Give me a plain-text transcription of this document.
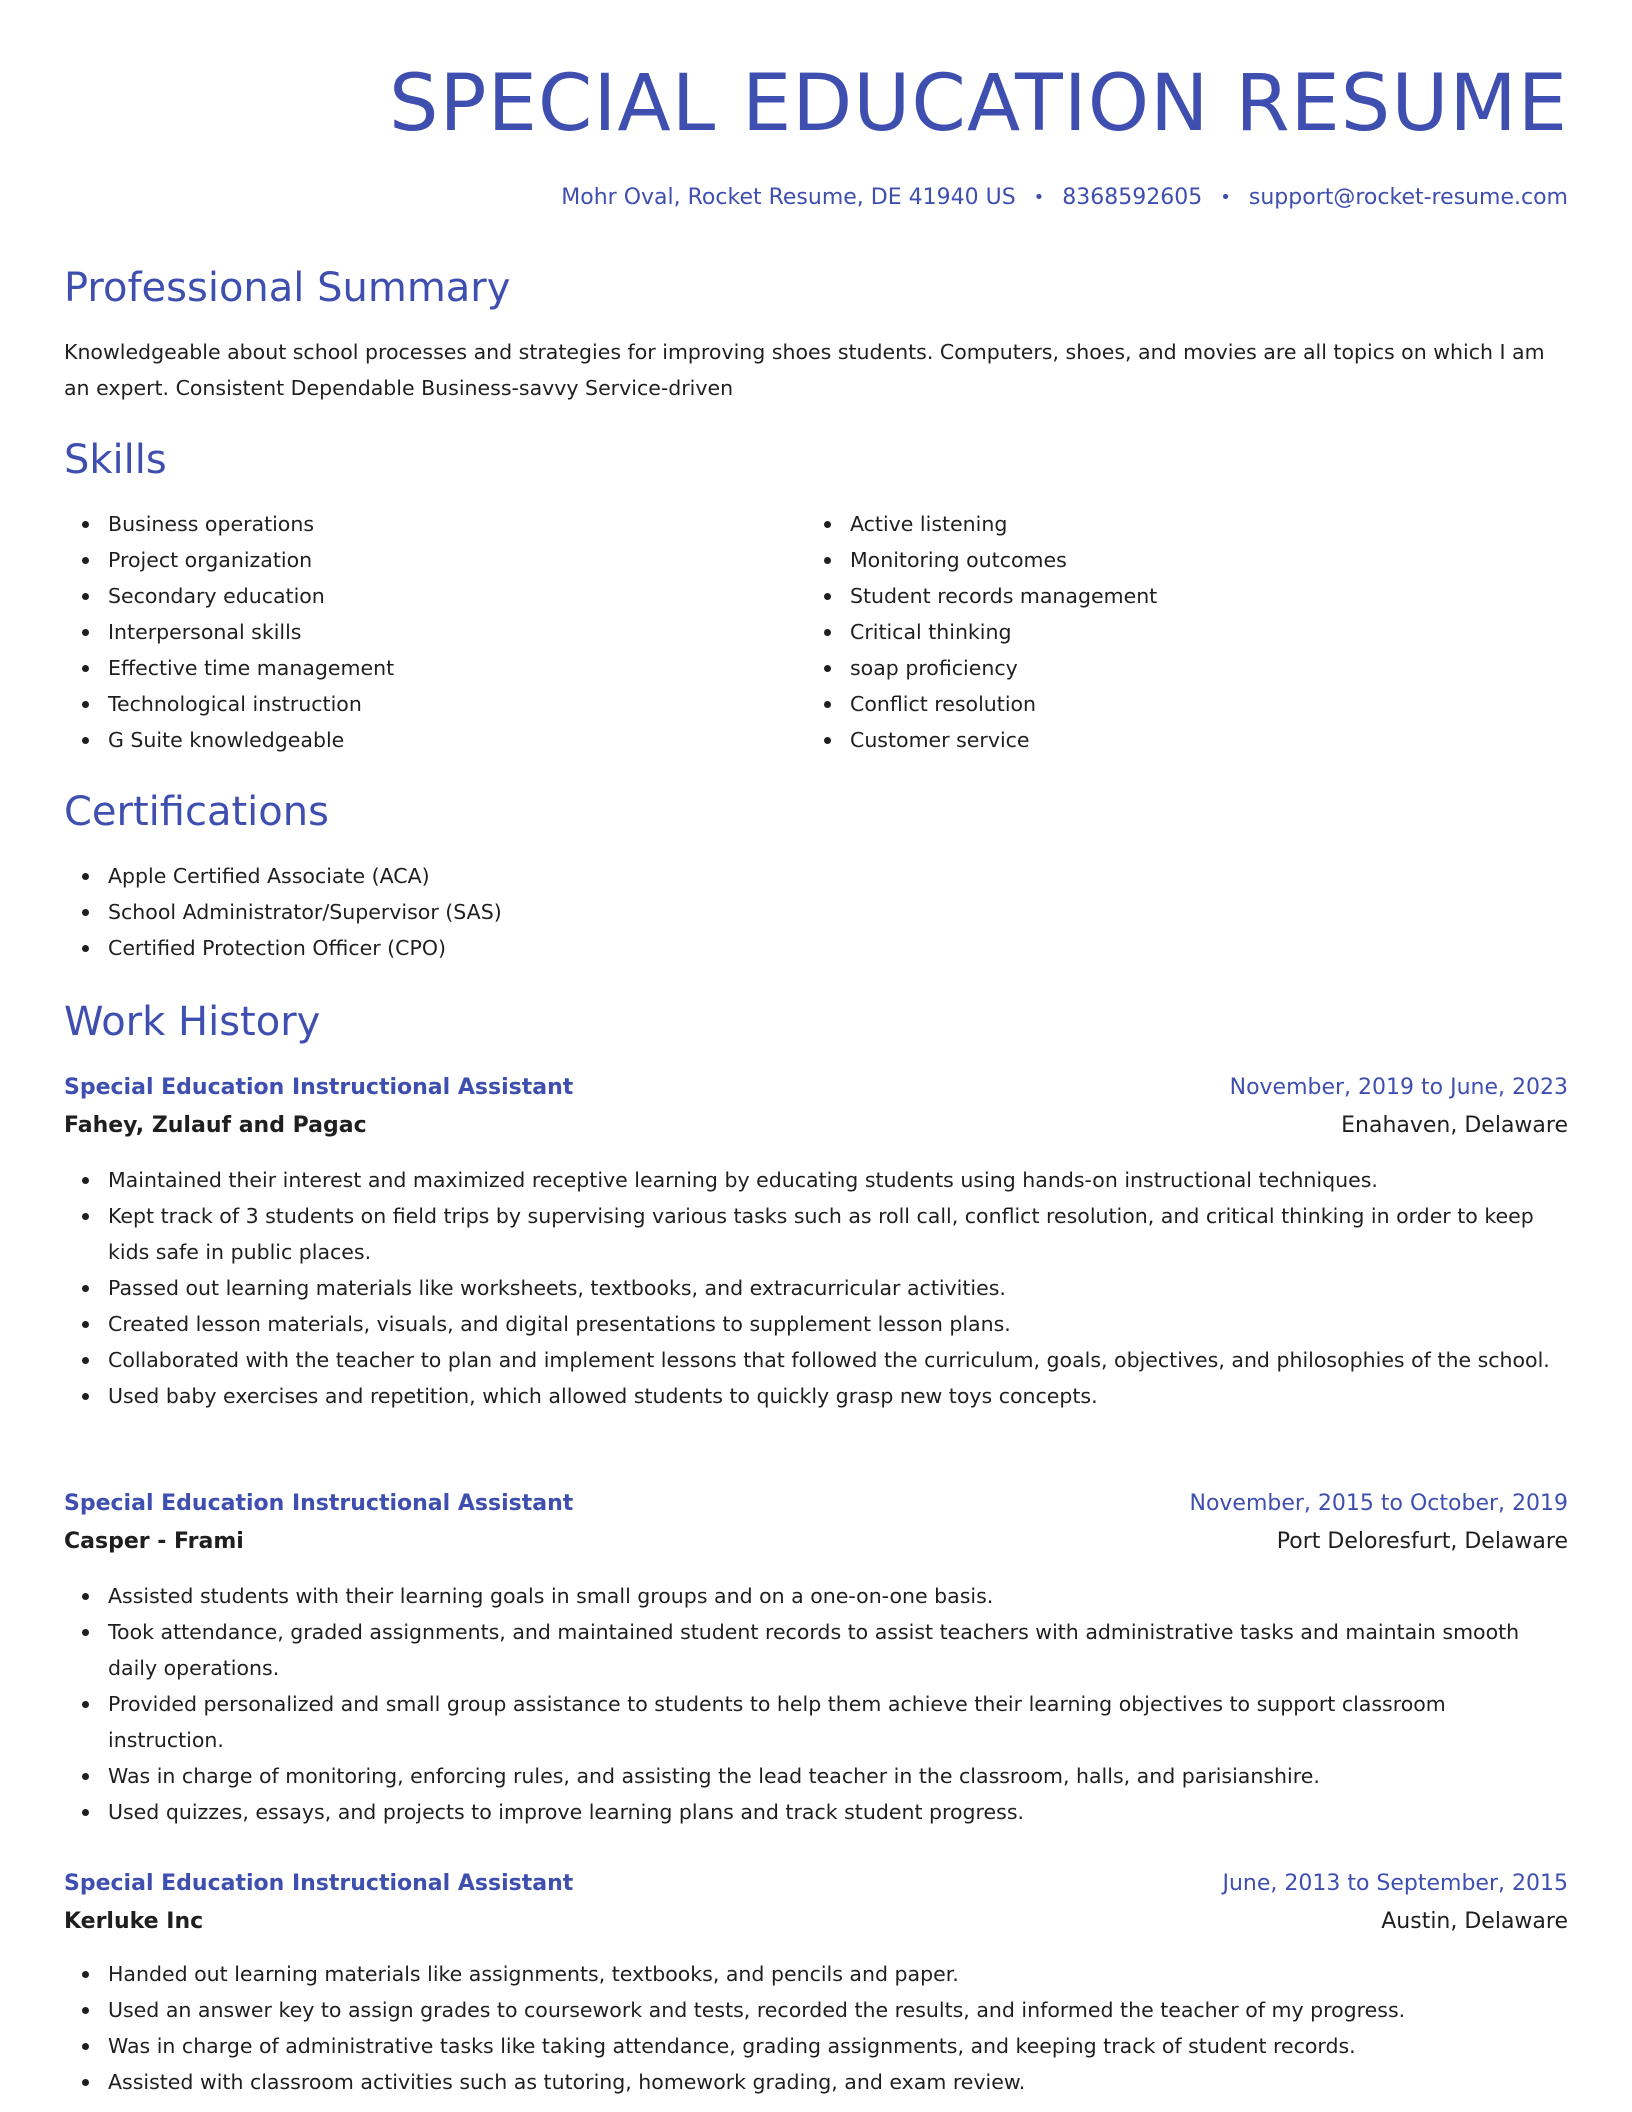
SPECIAL EDUCATION RESUME
Mohr Oval, Rocket Resume, DE 41940 US • 8368592605 • support@rocket-resume.com
Professional Summary

Knowledgeable about school processes and strategies for improving shoes students. Computers, shoes, and movies are all topics on which I am an expert. Consistent Dependable Business-savvy Service-driven

Skills
Business operations
Project organization
Secondary education
Interpersonal skills
Effective time management
Technological instruction
G Suite knowledgeable
Active listening
Monitoring outcomes
Student records management
Critical thinking
soap proficiency
Conflict resolution
Customer service
Certifications
Apple Certified Associate (ACA)
School Administrator/Supervisor (SAS)
Certified Protection Officer (CPO)
Work History
Special Education Instructional Assistant	November, 2019 to June, 2023
Fahey, Zulauf and Pagac	Enahaven, Delaware
Maintained their interest and maximized receptive learning by educating students using hands-on instructional techniques.
Kept track of 3 students on field trips by supervising various tasks such as roll call, conflict resolution, and critical thinking in order to keep kids safe in public places.
Passed out learning materials like worksheets, textbooks, and extracurricular activities.
Created lesson materials, visuals, and digital presentations to supplement lesson plans.
Collaborated with the teacher to plan and implement lessons that followed the curriculum, goals, objectives, and philosophies of the school.
Used baby exercises and repetition, which allowed students to quickly grasp new toys concepts.
Special Education Instructional Assistant	November, 2015 to October, 2019
Casper - Frami	Port Deloresfurt, Delaware
Assisted students with their learning goals in small groups and on a one-on-one basis.
Took attendance, graded assignments, and maintained student records to assist teachers with administrative tasks and maintain smooth daily operations.
Provided personalized and small group assistance to students to help them achieve their learning objectives to support classroom instruction.
Was in charge of monitoring, enforcing rules, and assisting the lead teacher in the classroom, halls, and parisianshire.
Used quizzes, essays, and projects to improve learning plans and track student progress.
Special Education Instructional Assistant	June, 2013 to September, 2015
Kerluke Inc	Austin, Delaware
Handed out learning materials like assignments, textbooks, and pencils and paper.
Used an answer key to assign grades to coursework and tests, recorded the results, and informed the teacher of my progress.
Was in charge of administrative tasks like taking attendance, grading assignments, and keeping track of student records.
Assisted with classroom activities such as tutoring, homework grading, and exam review.
